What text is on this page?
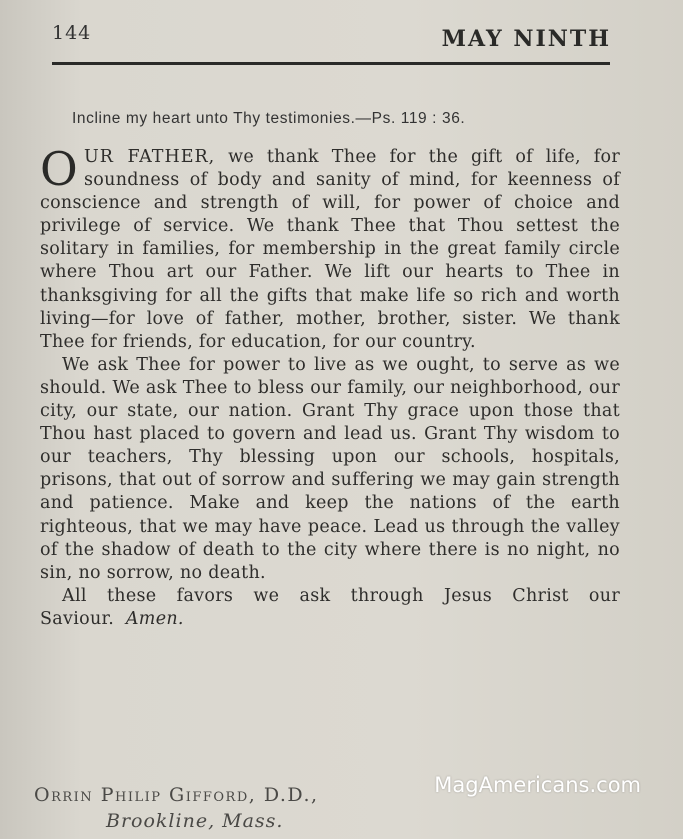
144	MAY NINTH
Incline my heart unto Thy testimonies.—Ps. 119 : 36.

OUR FATHER, we thank Thee for the gift of life, for soundness of body and sanity of mind, for keenness of conscience and strength of will, for power of choice and privilege of service. We thank Thee that Thou settest the solitary in families, for membership in the great family circle where Thou art our Father. We lift our hearts to Thee in thanksgiving for all the gifts that make life so rich and worth living—for love of father, mother, brother, sister. We thank Thee for friends, for education, for our country.

We ask Thee for power to live as we ought, to serve as we should. We ask Thee to bless our family, our neighborhood, our city, our state, our nation. Grant Thy grace upon those that Thou hast placed to govern and lead us. Grant Thy wisdom to our teachers, Thy blessing upon our schools, hospitals, prisons, that out of sorrow and suffering we may gain strength and patience. Make and keep the nations of the earth righteous, that we may have peace. Lead us through the valley of the shadow of death to the city where there is no night, no sin, no sorrow, no death.

All these favors we ask through Jesus Christ our Saviour. Amen.

Orrin Philip Gifford, D.D.,
Brookline, Mass.
MagAmericans.com
